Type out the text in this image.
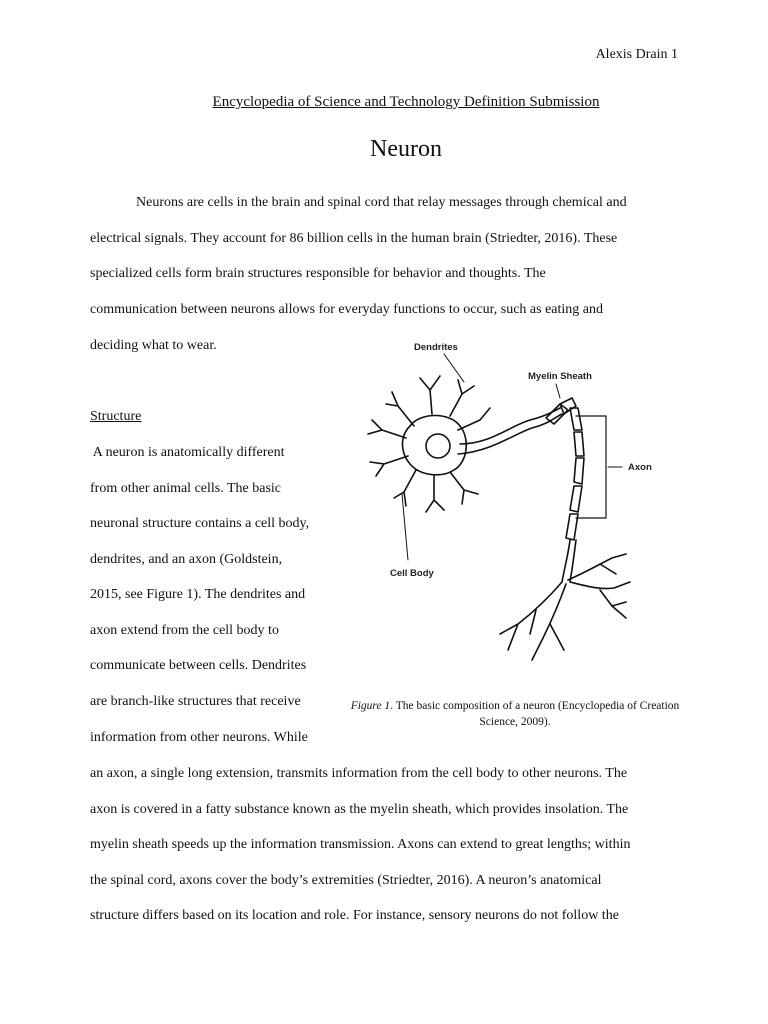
Alexis Drain 1
Encyclopedia of Science and Technology Definition Submission
Neuron
Neurons are cells in the brain and spinal cord that relay messages through chemical and
electrical signals. They account for 86 billion cells in the human brain (Striedter, 2016). These
specialized cells form brain structures responsible for behavior and thoughts. The
communication between neurons allows for everyday functions to occur, such as eating and
deciding what to wear.
Structure
A neuron is anatomically different
from other animal cells. The basic
neuronal structure contains a cell body,
dendrites, and an axon (Goldstein,
2015, see Figure 1). The dendrites and
axon extend from the cell body to
communicate between cells. Dendrites
are branch-like structures that receive
information from other neurons. While
an axon, a single long extension, transmits information from the cell body to other neurons. The
axon is covered in a fatty substance known as the myelin sheath, which provides insolation. The
myelin sheath speeds up the information transmission. Axons can extend to great lengths; within
the spinal cord, axons cover the body’s extremities (Striedter, 2016). A neuron’s anatomical
structure differs based on its location and role. For instance, sensory neurons do not follow the
Dendrites
Myelin Sheath
Axon
Cell Body
Figure 1. The basic composition of a neuron (Encyclopedia of Creation Science, 2009).
